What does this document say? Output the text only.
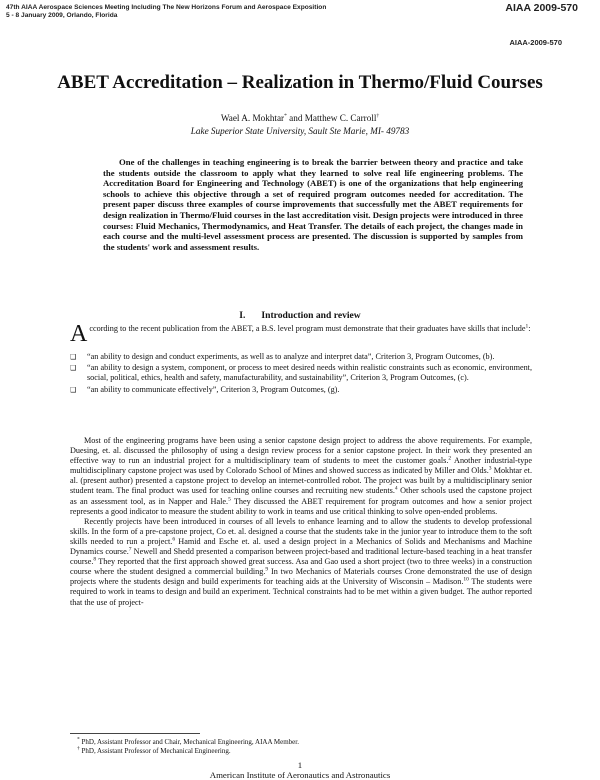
47th AIAA Aerospace Sciences Meeting Including The New Horizons Forum and Aerospace Exposition
5 - 8 January 2009, Orlando, Florida
AIAA 2009-570
AIAA-2009-570
ABET Accreditation – Realization in Thermo/Fluid Courses
Wael A. Mokhtar* and Matthew C. Carroll†
Lake Superior State University, Sault Ste Marie, MI- 49783

One of the challenges in teaching engineering is to break the barrier between theory and practice and take the students outside the classroom to apply what they learned to solve real life engineering problems. The Accreditation Board for Engineering and Technology (ABET) is one of the organizations that help engineering schools to achieve this objective through a set of required program outcomes needed for accreditation. The present paper discuss three examples of course improvements that successfully met the ABET requirements for design realization in Thermo/Fluid courses in the last accreditation visit. Design projects were introduced in three courses: Fluid Mechanics, Thermodynamics, and Heat Transfer. The details of each project, the changes made in each course and the multi-level assessment process are presented. The discussion is supported by samples from the students' work and assessment results.

I. Introduction and review

According to the recent publication from the ABET, a B.S. level program must demonstrate that their graduates have skills that include$^1$:

❑ “an ability to design and conduct experiments, as well as to analyze and interpret data”, Criterion 3, Program Outcomes, (b).
❑ “an ability to design a system, component, or process to meet desired needs within realistic constraints such as economic, environment, social, political, ethics, health and safety, manufacturability, and sustainability”, Criterion 3, Program Outcomes, (c).
❑ “an ability to communicate effectively”, Criterion 3, Program Outcomes, (g).

Most of the engineering programs have been using a senior capstone design project to address the above requirements. For example, Duesing, et. al. discussed the philosophy of using a design review process for a senior capstone project. In their work they presented an effective way to run an industrial project for a multidisciplinary team of students to meet the customer goals.$^2$ Another industrial-type multidisciplinary capstone project was used by Colorado School of Mines and showed success as indicated by Miller and Olds.$^3$ Mokhtar et. al. (present author) presented a capstone project to develop an internet-controlled robot. The project was built by a multidisciplinary senior student team. The final product was used for teaching online courses and recruiting new students.$^4$ Other schools used the capstone project as an assessment tool, as in Napper and Hale.$^5$ They discussed the ABET requirement for program outcomes and how a senior project represents a good indicator to measure the student ability to work in teams and use critical thinking to solve open-ended problems.

Recently projects have been introduced in courses of all levels to enhance learning and to allow the students to develop professional skills. In the form of a pre-capstone project, Co et. al. designed a course that the students take in the junior year to introduce them to the soft skills needed to run a project.$^6$ Hamid and Esche et. al. used a design project in a Mechanics of Solids and Mechanisms and Machine Dynamics course.$^7$ Newell and Shedd presented a comparison between project-based and traditional lecture-based teaching in a heat transfer course.$^8$ They reported that the first approach showed great success. Asa and Gao used a short project (two to three weeks) in a construction course where the student designed a commercial building.$^9$ In two Mechanics of Materials courses Crone demonstrated the use of design projects where the students design and build experiments for teaching aids at the University of Wisconsin – Madison.$^{10}$ The students were required to work in teams to design and build an experiment. Technical constraints had to be met within a given budget. The author reported that the use of project-

* PhD, Assistant Professor and Chair, Mechanical Engineering, AIAA Member.
† PhD, Assistant Professor of Mechanical Engineering.
1
American Institute of Aeronautics and Astronautics
